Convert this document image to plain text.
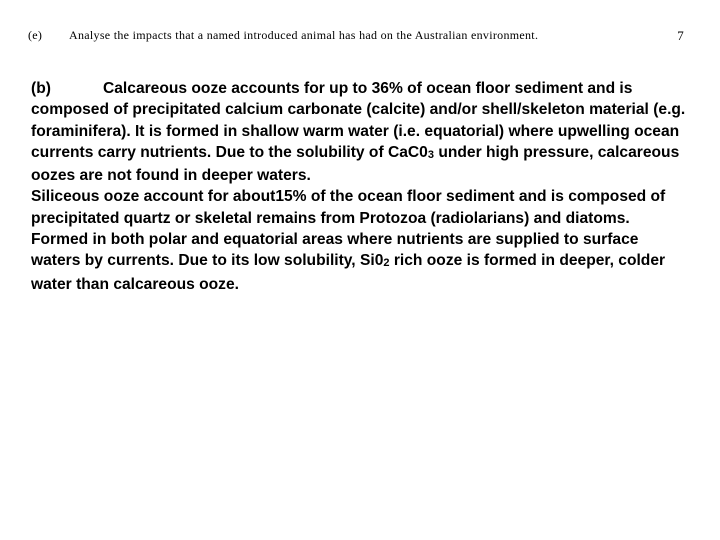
(e) Analyse the impacts that a named introduced animal has had on the Australian environment.	7

(b)	Calcareous ooze accounts for up to 36% of ocean floor sediment and is composed of precipitated calcium carbonate (calcite) and/or shell/skeleton material (e.g. foraminifera). It is formed in shallow warm water (i.e. equatorial) where upwelling ocean currents carry nutrients. Due to the solubility of $CaC0_3$ under high pressure, calcareous oozes are not found in deeper waters.

Siliceous ooze account for about15% of the ocean floor sediment and is composed of precipitated quartz or skeletal remains from Protozoa (radiolarians) and diatoms. Formed in both polar and equatorial areas where nutrients are supplied to surface waters by currents. Due to its low solubility, $Si0_2$ rich ooze is formed in deeper, colder water than calcareous ooze.
